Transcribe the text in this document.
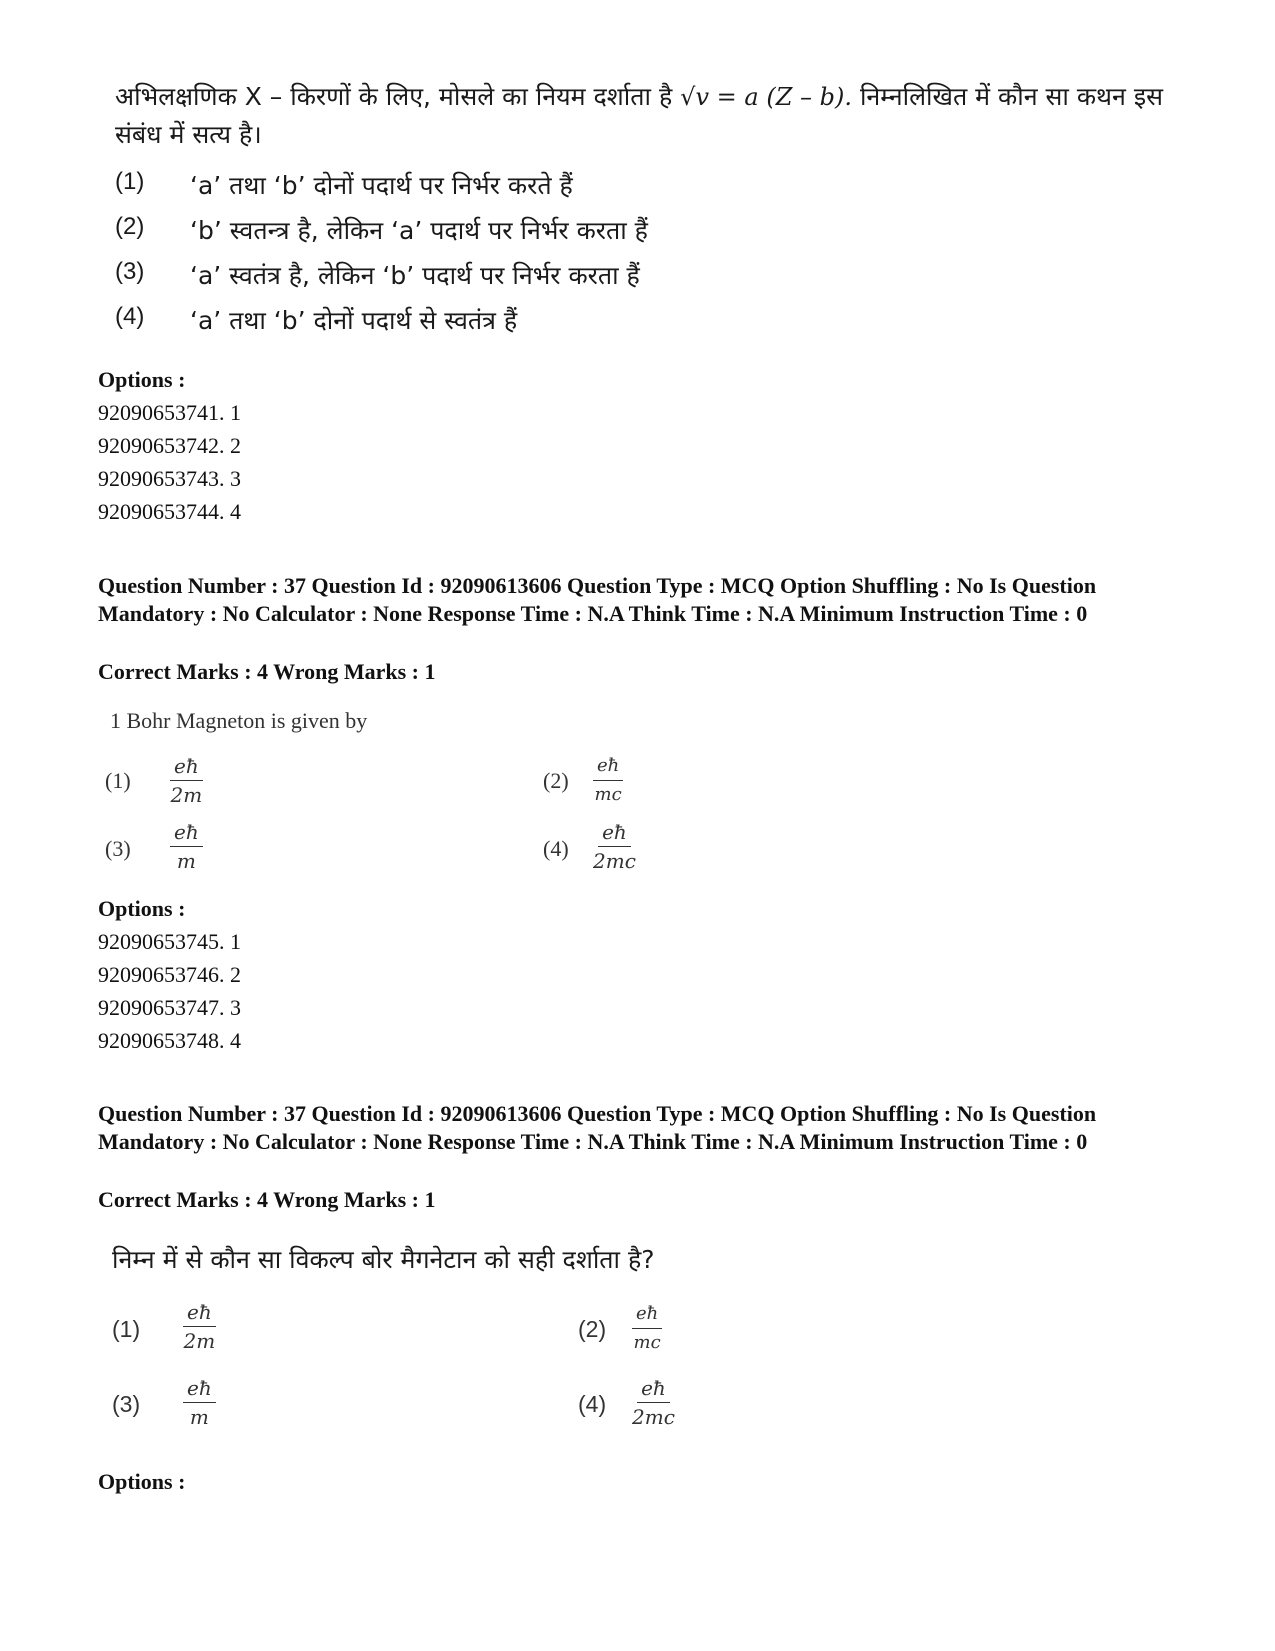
अभिलक्षणिक X – किरणों के लिए, मोसले का नियम दर्शाता है √v = a (Z – b). निम्नलिखित में कौन सा कथन इस संबंध में सत्य है।
(1)	‘a’ तथा ‘b’ दोनों पदार्थ पर निर्भर करते हैं
(2)	‘b’ स्वतन्त्र है, लेकिन ‘a’ पदार्थ पर निर्भर करता हैं
(3)	‘a’ स्वतंत्र है, लेकिन ‘b’ पदार्थ पर निर्भर करता हैं
(4)	‘a’ तथा ‘b’ दोनों पदार्थ से स्वतंत्र हैं
Options :
92090653741. 1
92090653742. 2
92090653743. 3
92090653744. 4
Question Number : 37 Question Id : 92090613606 Question Type : MCQ Option Shuffling : No Is Question Mandatory : No Calculator : None Response Time : N.A Think Time : N.A Minimum Instruction Time : 0
Correct Marks : 4 Wrong Marks : 1
1 Bohr Magneton is given by
$(1) \frac{eħ}{2m}$	$(2) \frac{eħ}{mc}$
$(3) \frac{eħ}{m}$	$(4) \frac{eħ}{2mc}$
Options :
92090653745. 1
92090653746. 2
92090653747. 3
92090653748. 4
Question Number : 37 Question Id : 92090613606 Question Type : MCQ Option Shuffling : No Is Question Mandatory : No Calculator : None Response Time : N.A Think Time : N.A Minimum Instruction Time : 0
Correct Marks : 4 Wrong Marks : 1
निम्न में से कौन सा विकल्प बोर मैगनेटान को सही दर्शाता है?
$(1) \frac{eħ}{2m}$	$(2) \frac{eħ}{mc}$
$(3) \frac{eħ}{m}$	$(4) \frac{eħ}{2mc}$
Options :
